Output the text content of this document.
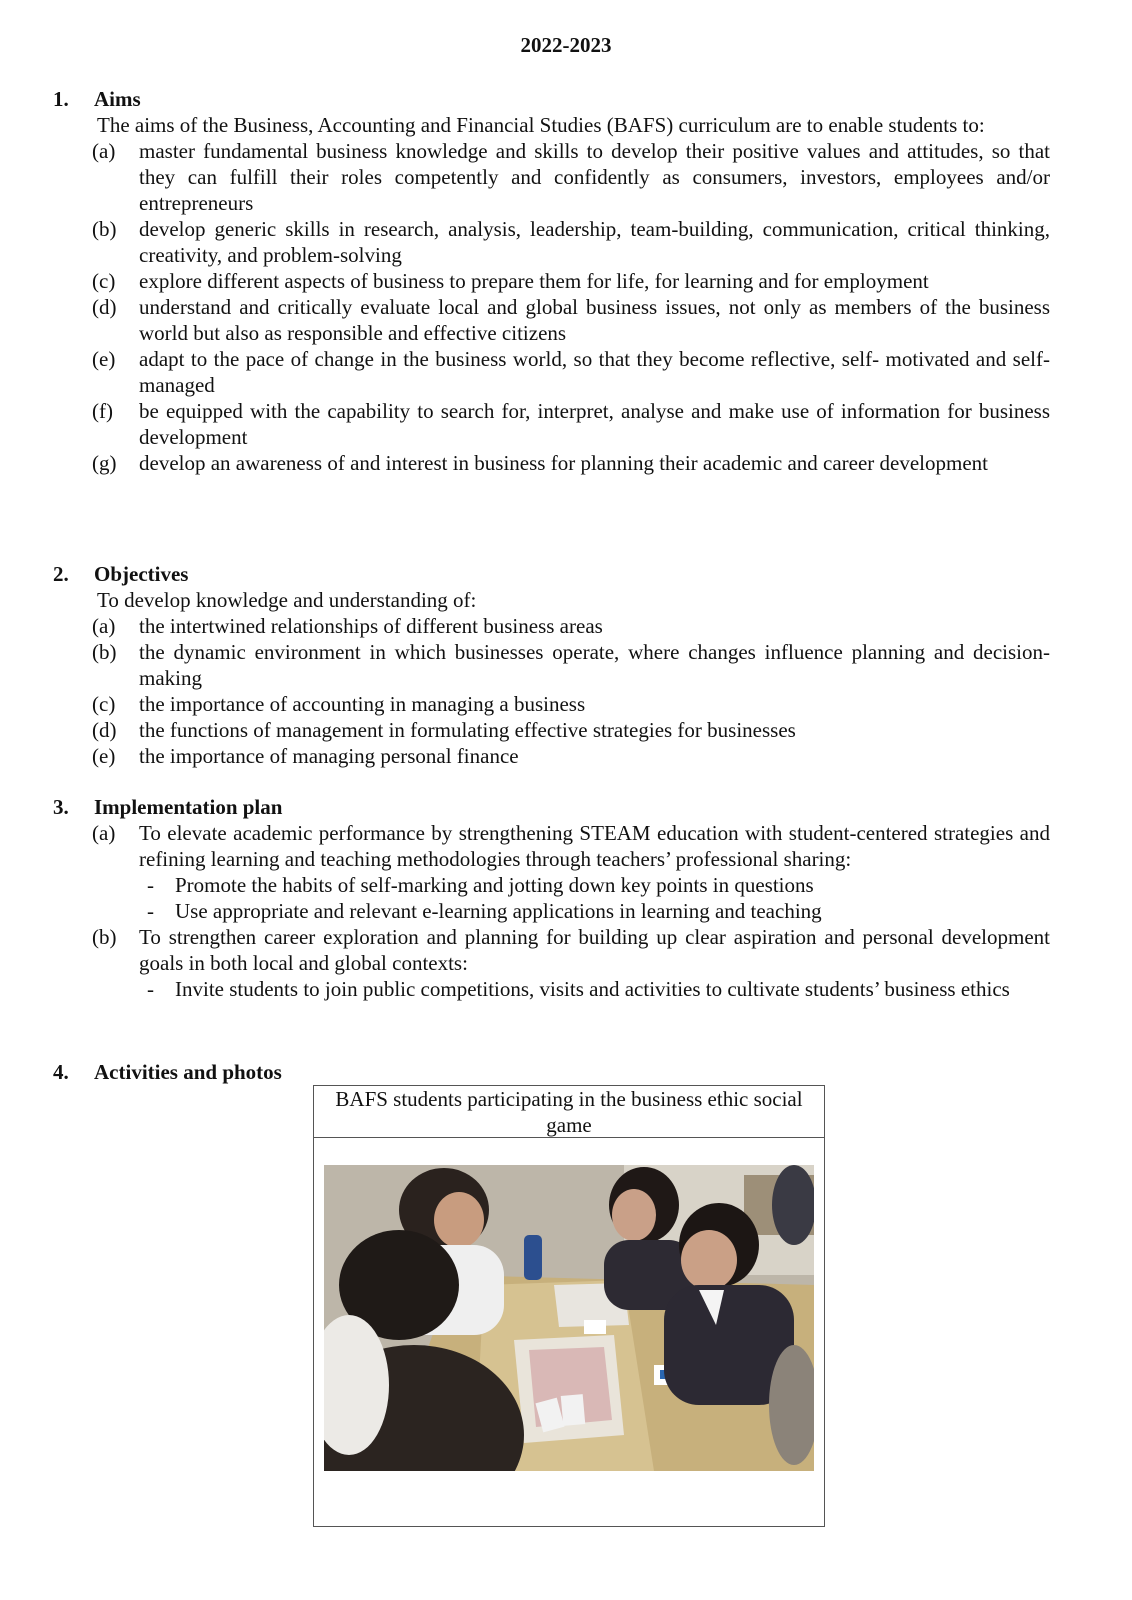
2022-2023
1. Aims
The aims of the Business, Accounting and Financial Studies (BAFS) curriculum are to enable students to:
(a) master fundamental business knowledge and skills to develop their positive values and attitudes, so that they can fulfill their roles competently and confidently as consumers, investors, employees and/or entrepreneurs
(b) develop generic skills in research, analysis, leadership, team-building, communication, critical thinking, creativity, and problem-solving
(c) explore different aspects of business to prepare them for life, for learning and for employment
(d) understand and critically evaluate local and global business issues, not only as members of the business world but also as responsible and effective citizens
(e) adapt to the pace of change in the business world, so that they become reflective, self- motivated and self-managed
(f) be equipped with the capability to search for, interpret, analyse and make use of information for business development
(g) develop an awareness of and interest in business for planning their academic and career development
2. Objectives
To develop knowledge and understanding of:
(a) the intertwined relationships of different business areas
(b) the dynamic environment in which businesses operate, where changes influence planning and decision-making
(c) the importance of accounting in managing a business
(d) the functions of management in formulating effective strategies for businesses
(e) the importance of managing personal finance
3. Implementation plan
(a) To elevate academic performance by strengthening STEAM education with student-centered strategies and refining learning and teaching methodologies through teachers’ professional sharing:
- Promote the habits of self-marking and jotting down key points in questions
- Use appropriate and relevant e-learning applications in learning and teaching
(b) To strengthen career exploration and planning for building up clear aspiration and personal development goals in both local and global contexts:
- Invite students to join public competitions, visits and activities to cultivate students’ business ethics
4. Activities and photos
BAFS students participating in the business ethic social game
